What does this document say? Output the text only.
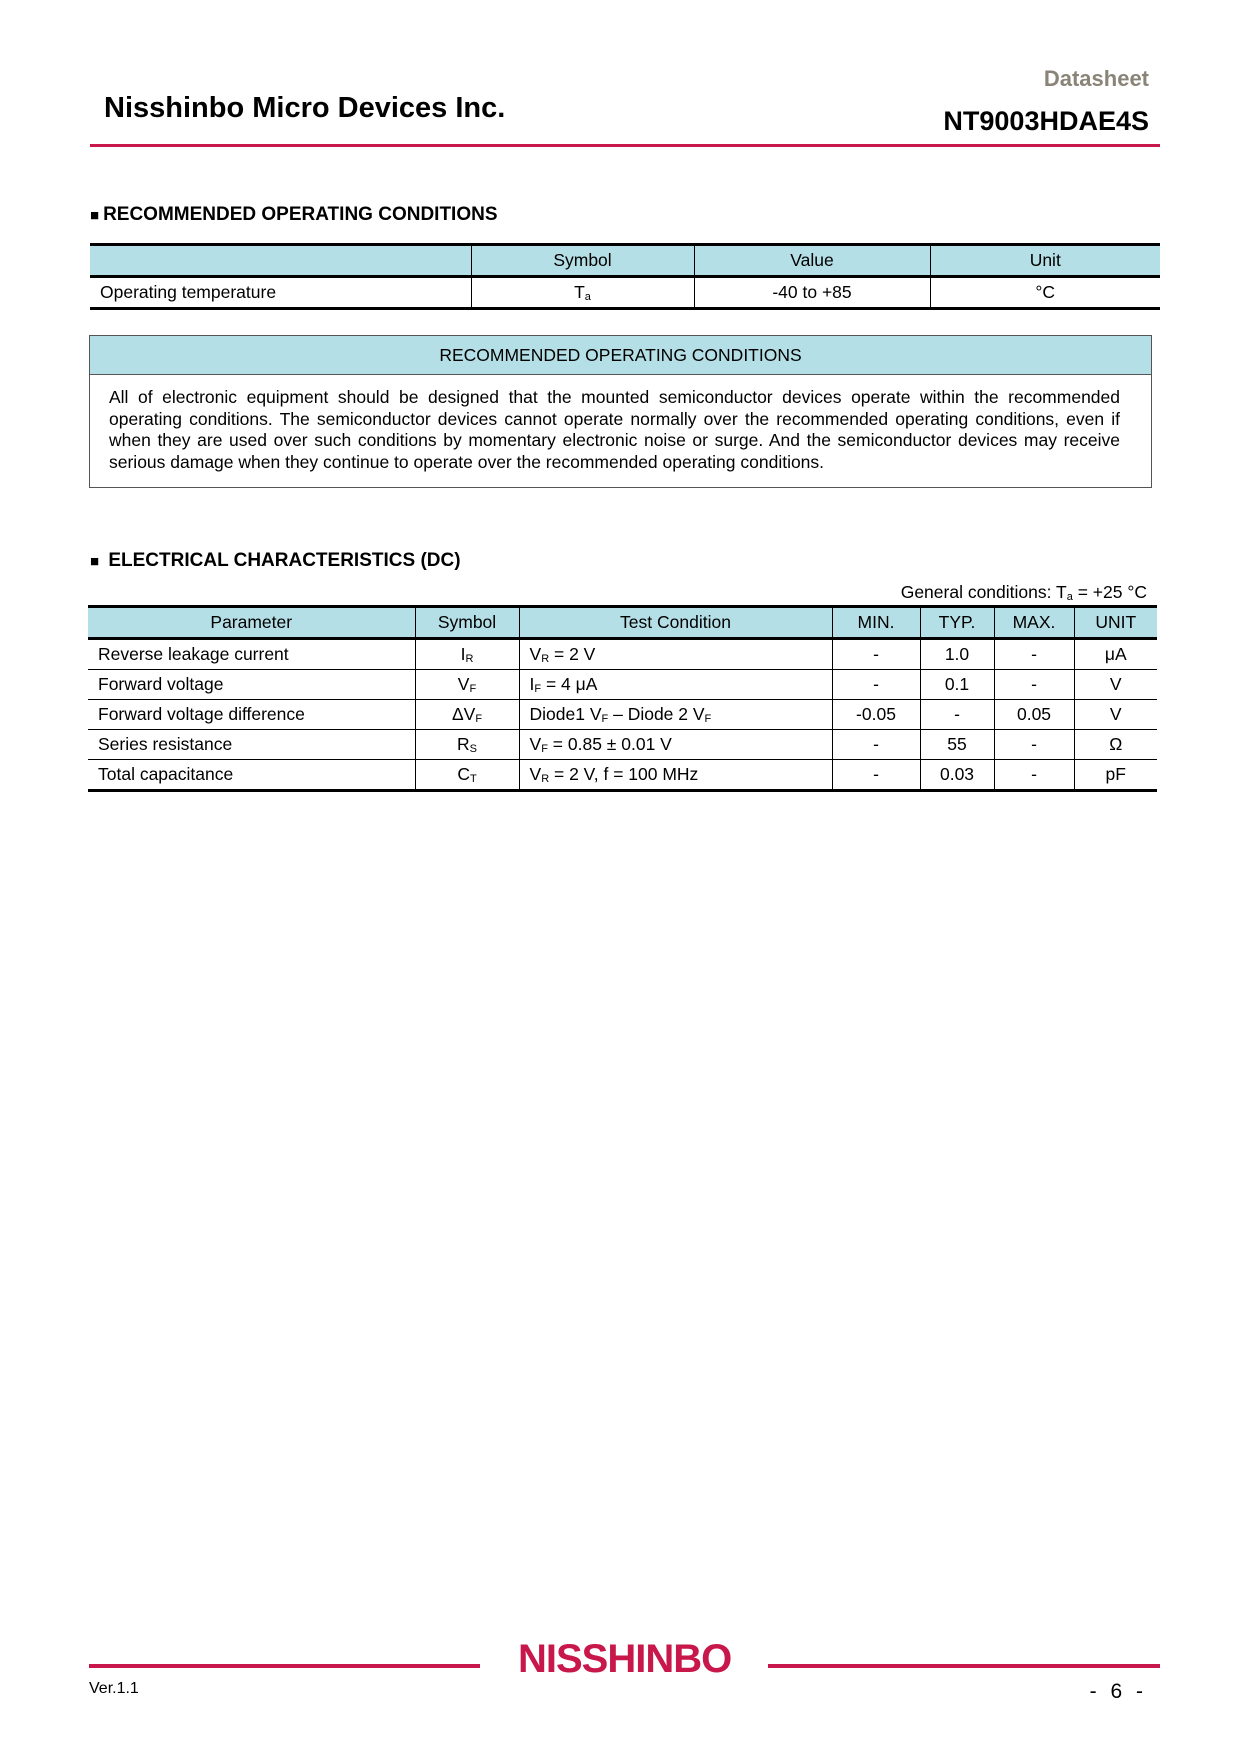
Nisshinbo Micro Devices Inc.
Datasheet
NT9003HDAE4S
■ RECOMMENDED OPERATING CONDITIONS
	Symbol	Value	Unit
Operating temperature	$T_a$	-40 to +85	°C
RECOMMENDED OPERATING CONDITIONS
All of electronic equipment should be designed that the mounted semiconductor devices operate within the recommended operating conditions. The semiconductor devices cannot operate normally over the recommended operating conditions, even if when they are used over such conditions by momentary electronic noise or surge. And the semiconductor devices may receive serious damage when they continue to operate over the recommended operating conditions.
■ ELECTRICAL CHARACTERISTICS (DC)
General conditions: $T_a = +25$ °C
Parameter	Symbol	Test Condition	MIN.	TYP.	MAX.	UNIT
Reverse leakage current	$I_R$	$V_R = 2$ V	-	1.0	-	μA
Forward voltage	$V_F$	$I_F = 4$ μA	-	0.1	-	V
Forward voltage difference	$\Delta V_F$	Diode1 $V_F$ – Diode 2 $V_F$	-0.05	-	0.05	V
Series resistance	$R_S$	$V_F = 0.85 \pm 0.01$ V	-	55	-	Ω
Total capacitance	$C_T$	$V_R = 2$ V, f = 100 MHz	-	0.03	-	pF
NISSHINBO
Ver.1.1	- 6 -
